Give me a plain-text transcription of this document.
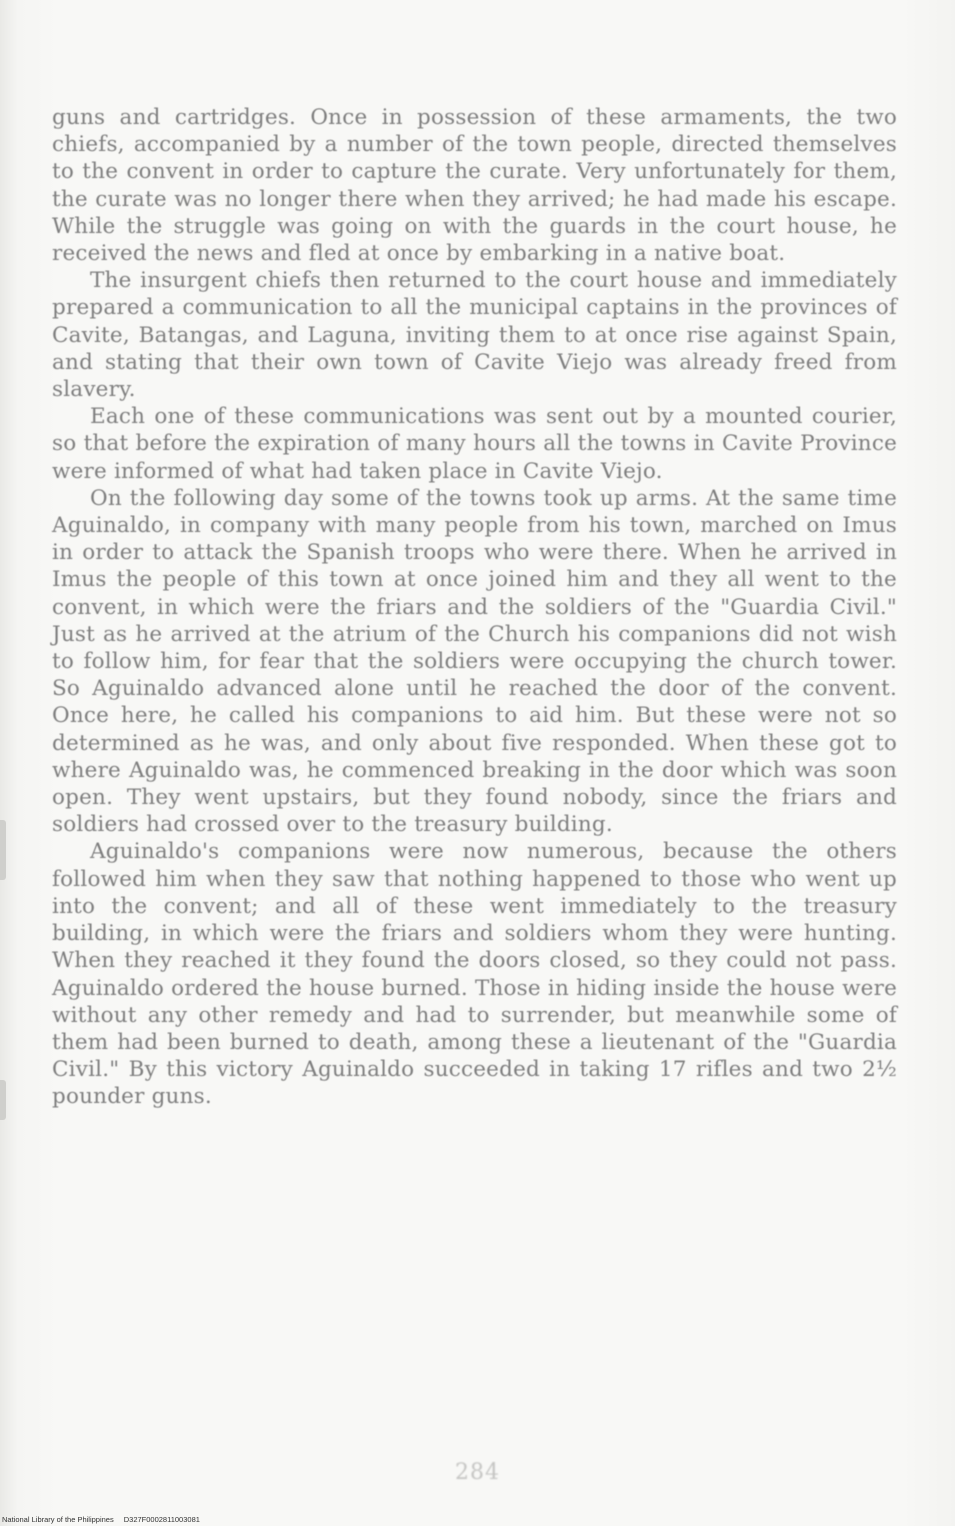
guns and cartridges. Once in possession of these armaments, the two chiefs, accompanied by a number of the town people, directed themselves to the convent in order to capture the curate. Very unfortunately for them, the curate was no longer there when they arrived; he had made his escape. While the struggle was going on with the guards in the court house, he received the news and fled at once by embarking in a native boat.

The insurgent chiefs then returned to the court house and immediately prepared a communication to all the municipal captains in the provinces of Cavite, Batangas, and Laguna, inviting them to at once rise against Spain, and stating that their own town of Cavite Viejo was already freed from slavery.

Each one of these communications was sent out by a mounted courier, so that before the expiration of many hours all the towns in Cavite Province were informed of what had taken place in Cavite Viejo.

On the following day some of the towns took up arms. At the same time Aguinaldo, in company with many people from his town, marched on Imus in order to attack the Spanish troops who were there. When he arrived in Imus the people of this town at once joined him and they all went to the convent, in which were the friars and the soldiers of the "Guardia Civil." Just as he arrived at the atrium of the Church his companions did not wish to follow him, for fear that the soldiers were occupying the church tower. So Aguinaldo advanced alone until he reached the door of the convent. Once here, he called his companions to aid him. But these were not so determined as he was, and only about five responded. When these got to where Aguinaldo was, he commenced breaking in the door which was soon open. They went upstairs, but they found nobody, since the friars and soldiers had crossed over to the treasury building.

Aguinaldo's companions were now numerous, because the others followed him when they saw that nothing happened to those who went up into the convent; and all of these went immediately to the treasury building, in which were the friars and soldiers whom they were hunting. When they reached it they found the doors closed, so they could not pass. Aguinaldo ordered the house burned. Those in hiding inside the house were without any other remedy and had to surrender, but meanwhile some of them had been burned to death, among these a lieutenant of the "Guardia Civil." By this victory Aguinaldo succeeded in taking 17 rifles and two 2½ pounder guns.

284
National Library of the Philippines D327F0002811003081
